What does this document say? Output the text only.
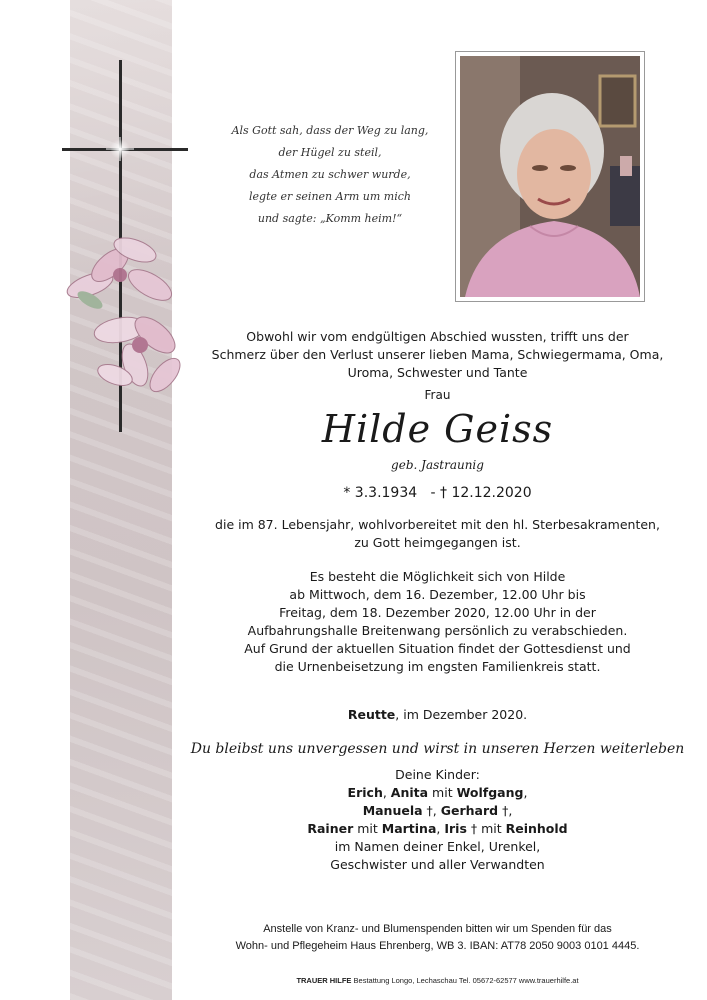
Als Gott sah, dass der Weg zu lang,
der Hügel zu steil,
das Atmen zu schwer wurde,
legte er seinen Arm um mich
und sagte: „Komm heim!“
Obwohl wir vom endgültigen Abschied wussten, trifft uns der
Schmerz über den Verlust unserer lieben Mama, Schwiegermama, Oma,
Uroma, Schwester und Tante
Frau
Hilde Geiss
geb. Jastraunig
* 3.3.1934 - † 12.12.2020
die im 87. Lebensjahr, wohlvorbereitet mit den hl. Sterbesakramenten,
zu Gott heimgegangen ist.
Es besteht die Möglichkeit sich von Hilde
ab Mittwoch, dem 16. Dezember, 12.00 Uhr bis
Freitag, dem 18. Dezember 2020, 12.00 Uhr in der
Aufbahrungshalle Breitenwang persönlich zu verabschieden.
Auf Grund der aktuellen Situation findet der Gottesdienst und
die Urnenbeisetzung im engsten Familienkreis statt.
Reutte, im Dezember 2020.
Du bleibst uns unvergessen und wirst in unseren Herzen weiterleben
Deine Kinder:
Erich, Anita mit Wolfgang,
Manuela †, Gerhard †,
Rainer mit Martina, Iris † mit Reinhold
im Namen deiner Enkel, Urenkel,
Geschwister und aller Verwandten
Anstelle von Kranz- und Blumenspenden bitten wir um Spenden für das
Wohn- und Pflegeheim Haus Ehrenberg, WB 3. IBAN: AT78 2050 9003 0101 4445.
TRAUER HILFE Bestattung Longo, Lechaschau Tel. 05672-62577 www.trauerhilfe.at
